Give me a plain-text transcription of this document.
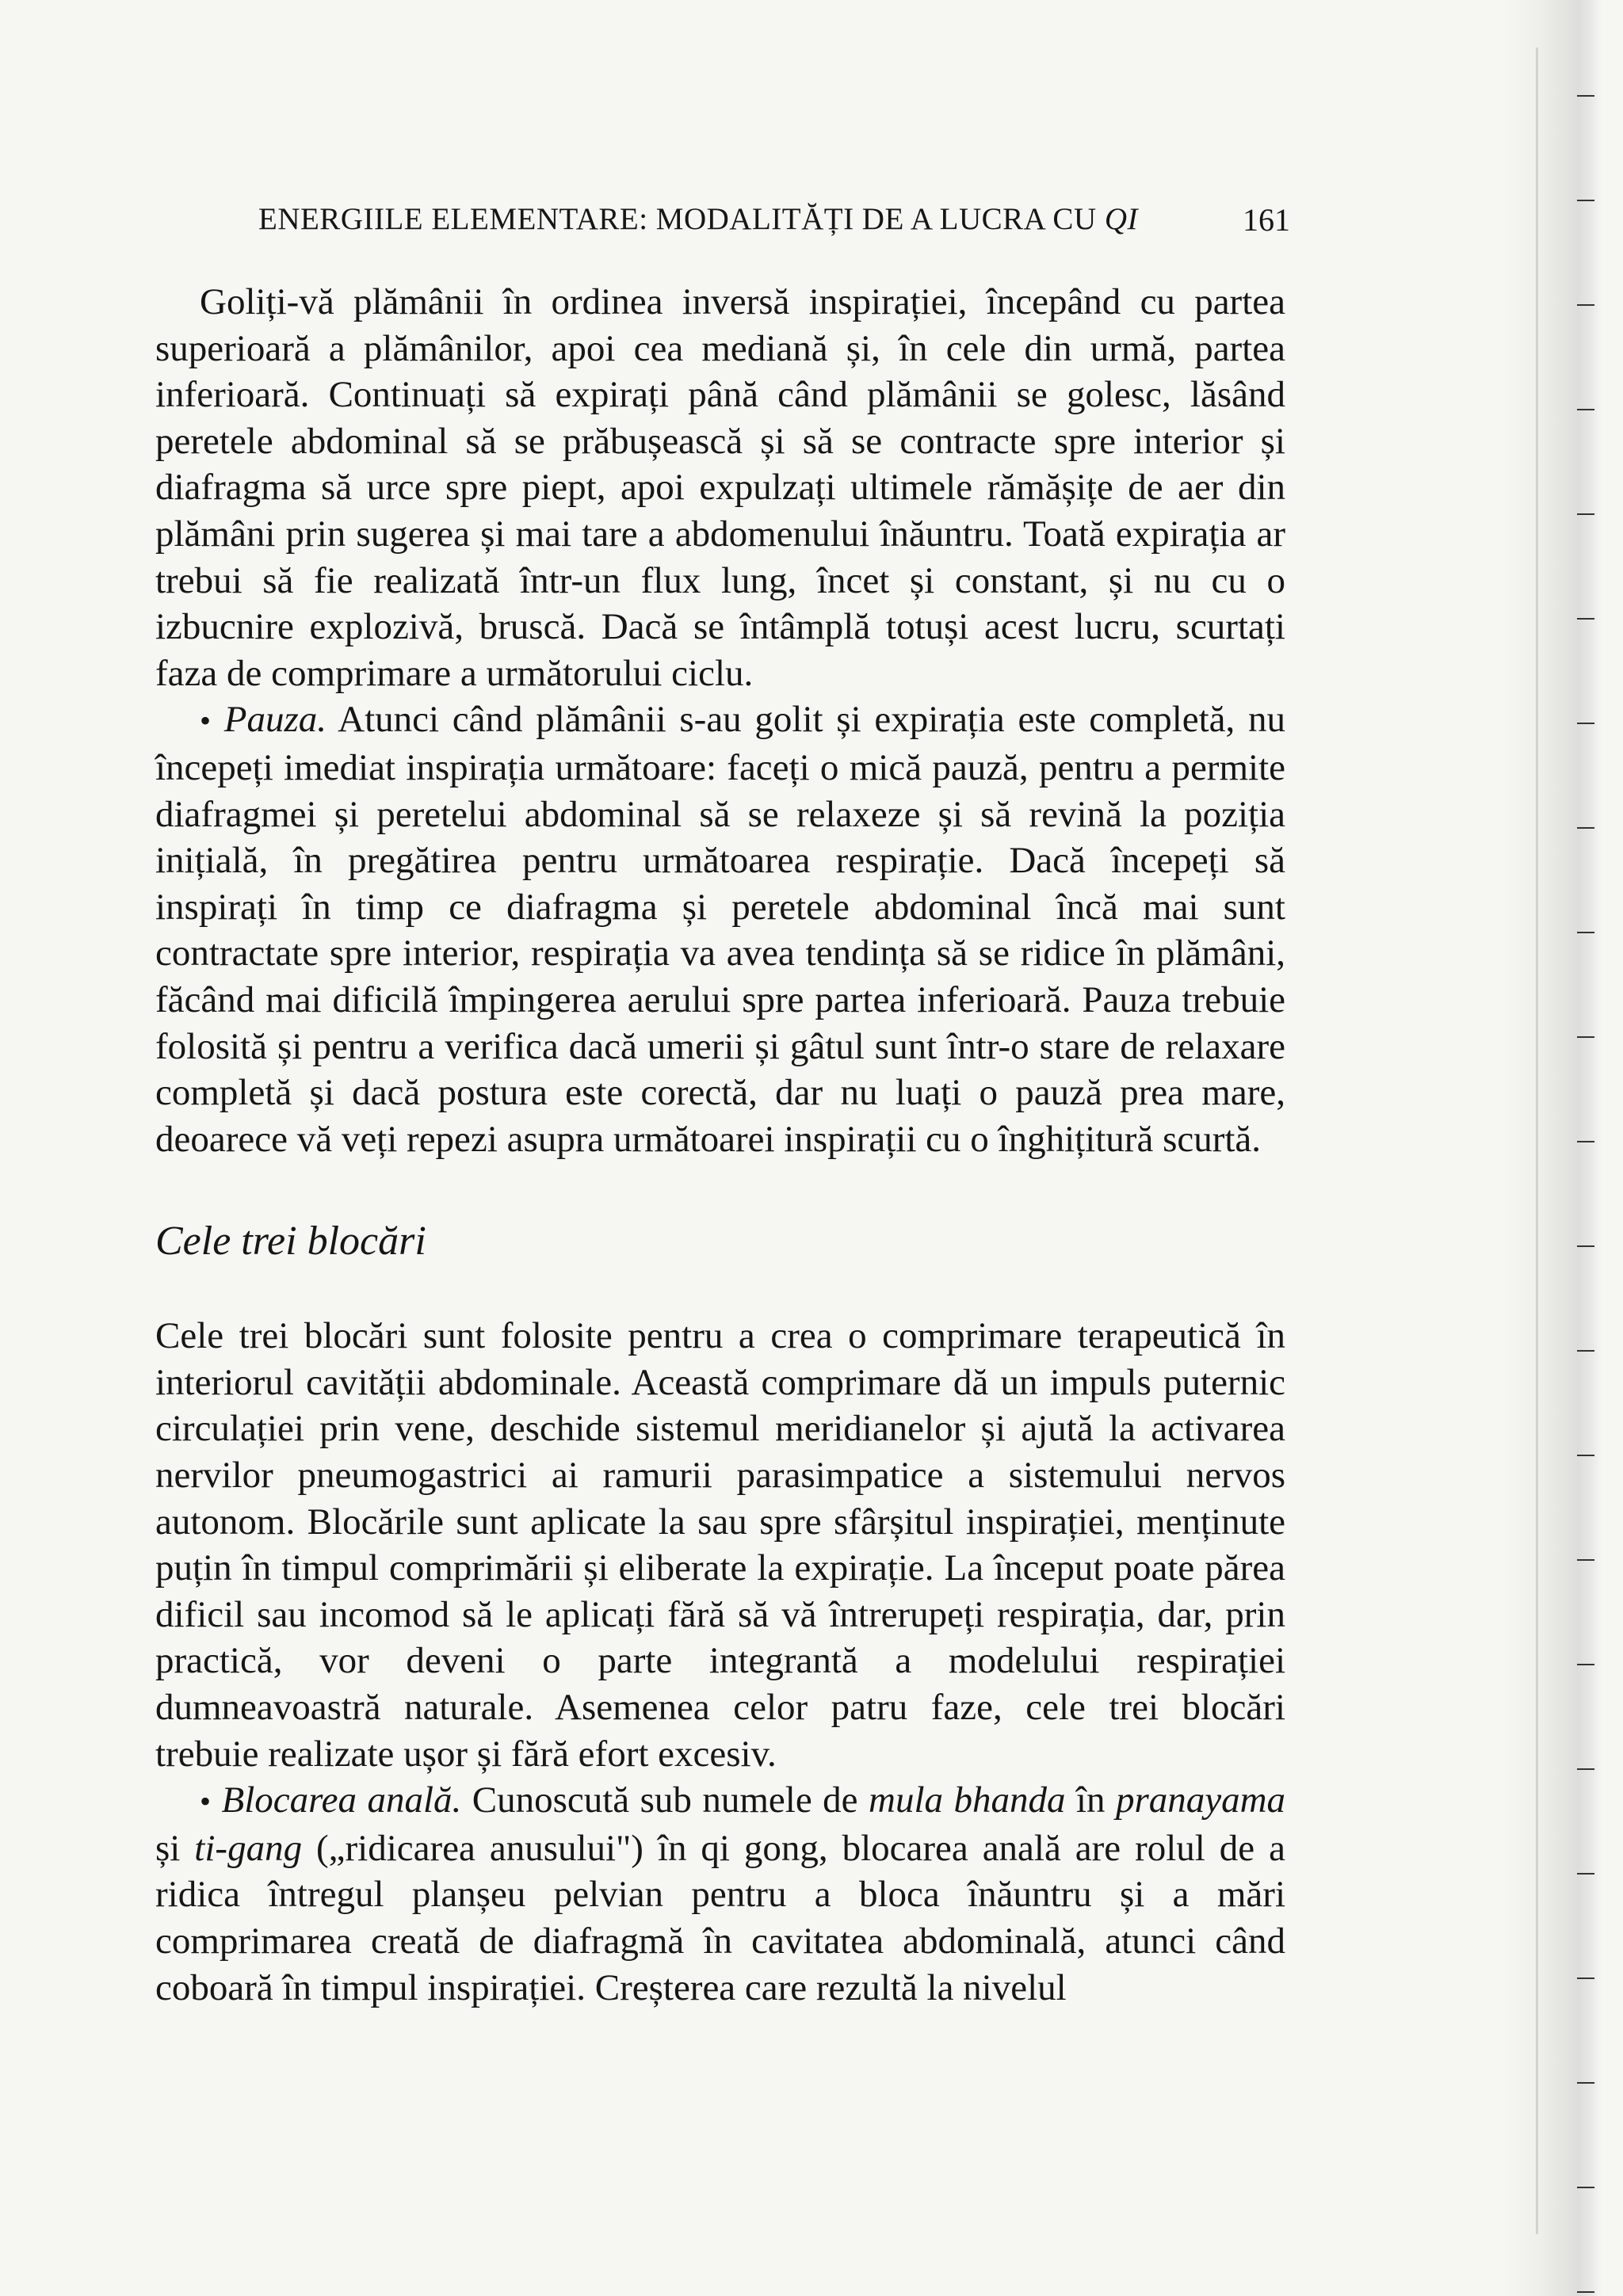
ENERGIILE ELEMENTARE: MODALITĂȚI DE A LUCRA CU QI	161

Goliți-vă plămânii în ordinea inversă inspirației, începând cu partea superioară a plămânilor, apoi cea mediană și, în cele din urmă, partea inferioară. Continuați să expirați până când plămânii se golesc, lăsând peretele abdominal să se prăbușească și să se contracte spre interior și diafragma să urce spre piept, apoi expulzați ultimele rămășițe de aer din plămâni prin sugerea și mai tare a abdomenului înăuntru. Toată expirația ar trebui să fie realizată într-un flux lung, încet și constant, și nu cu o izbucnire explozivă, bruscă. Dacă se întâmplă totuși acest lucru, scurtați faza de comprimare a următorului ciclu.

• Pauza. Atunci când plămânii s-au golit și expirația este completă, nu începeți imediat inspirația următoare: faceți o mică pauză, pentru a permite diafragmei și peretelui abdominal să se relaxeze și să revină la poziția inițială, în pregătirea pentru următoarea respirație. Dacă începeți să inspirați în timp ce diafragma și peretele abdominal încă mai sunt contractate spre interior, respirația va avea tendința să se ridice în plămâni, făcând mai dificilă împingerea aerului spre partea inferioară. Pauza trebuie folosită și pentru a verifica dacă umerii și gâtul sunt într-o stare de relaxare completă și dacă postura este corectă, dar nu luați o pauză prea mare, deoarece vă veți repezi asupra următoarei inspirații cu o înghițitură scurtă.

Cele trei blocări

Cele trei blocări sunt folosite pentru a crea o comprimare terapeutică în interiorul cavității abdominale. Această comprimare dă un impuls puternic circulației prin vene, deschide sistemul meridianelor și ajută la activarea nervilor pneumogastrici ai ramurii parasimpatice a sistemului nervos autonom. Blocările sunt aplicate la sau spre sfârșitul inspirației, menținute puțin în timpul comprimării și eliberate la expirație. La început poate părea dificil sau incomod să le aplicați fără să vă întrerupeți respirația, dar, prin practică, vor deveni o parte integrantă a modelului respirației dumneavoastră naturale. Asemenea celor patru faze, cele trei blocări trebuie realizate ușor și fără efort excesiv.

• Blocarea anală. Cunoscută sub numele de mula bhanda în pranayama și ti-gang („ridicarea anusului") în qi gong, blocarea anală are rolul de a ridica întregul planșeu pelvian pentru a bloca înăuntru și a mări comprimarea creată de diafragmă în cavitatea abdominală, atunci când coboară în timpul inspirației. Creșterea care rezultă la nivelul
